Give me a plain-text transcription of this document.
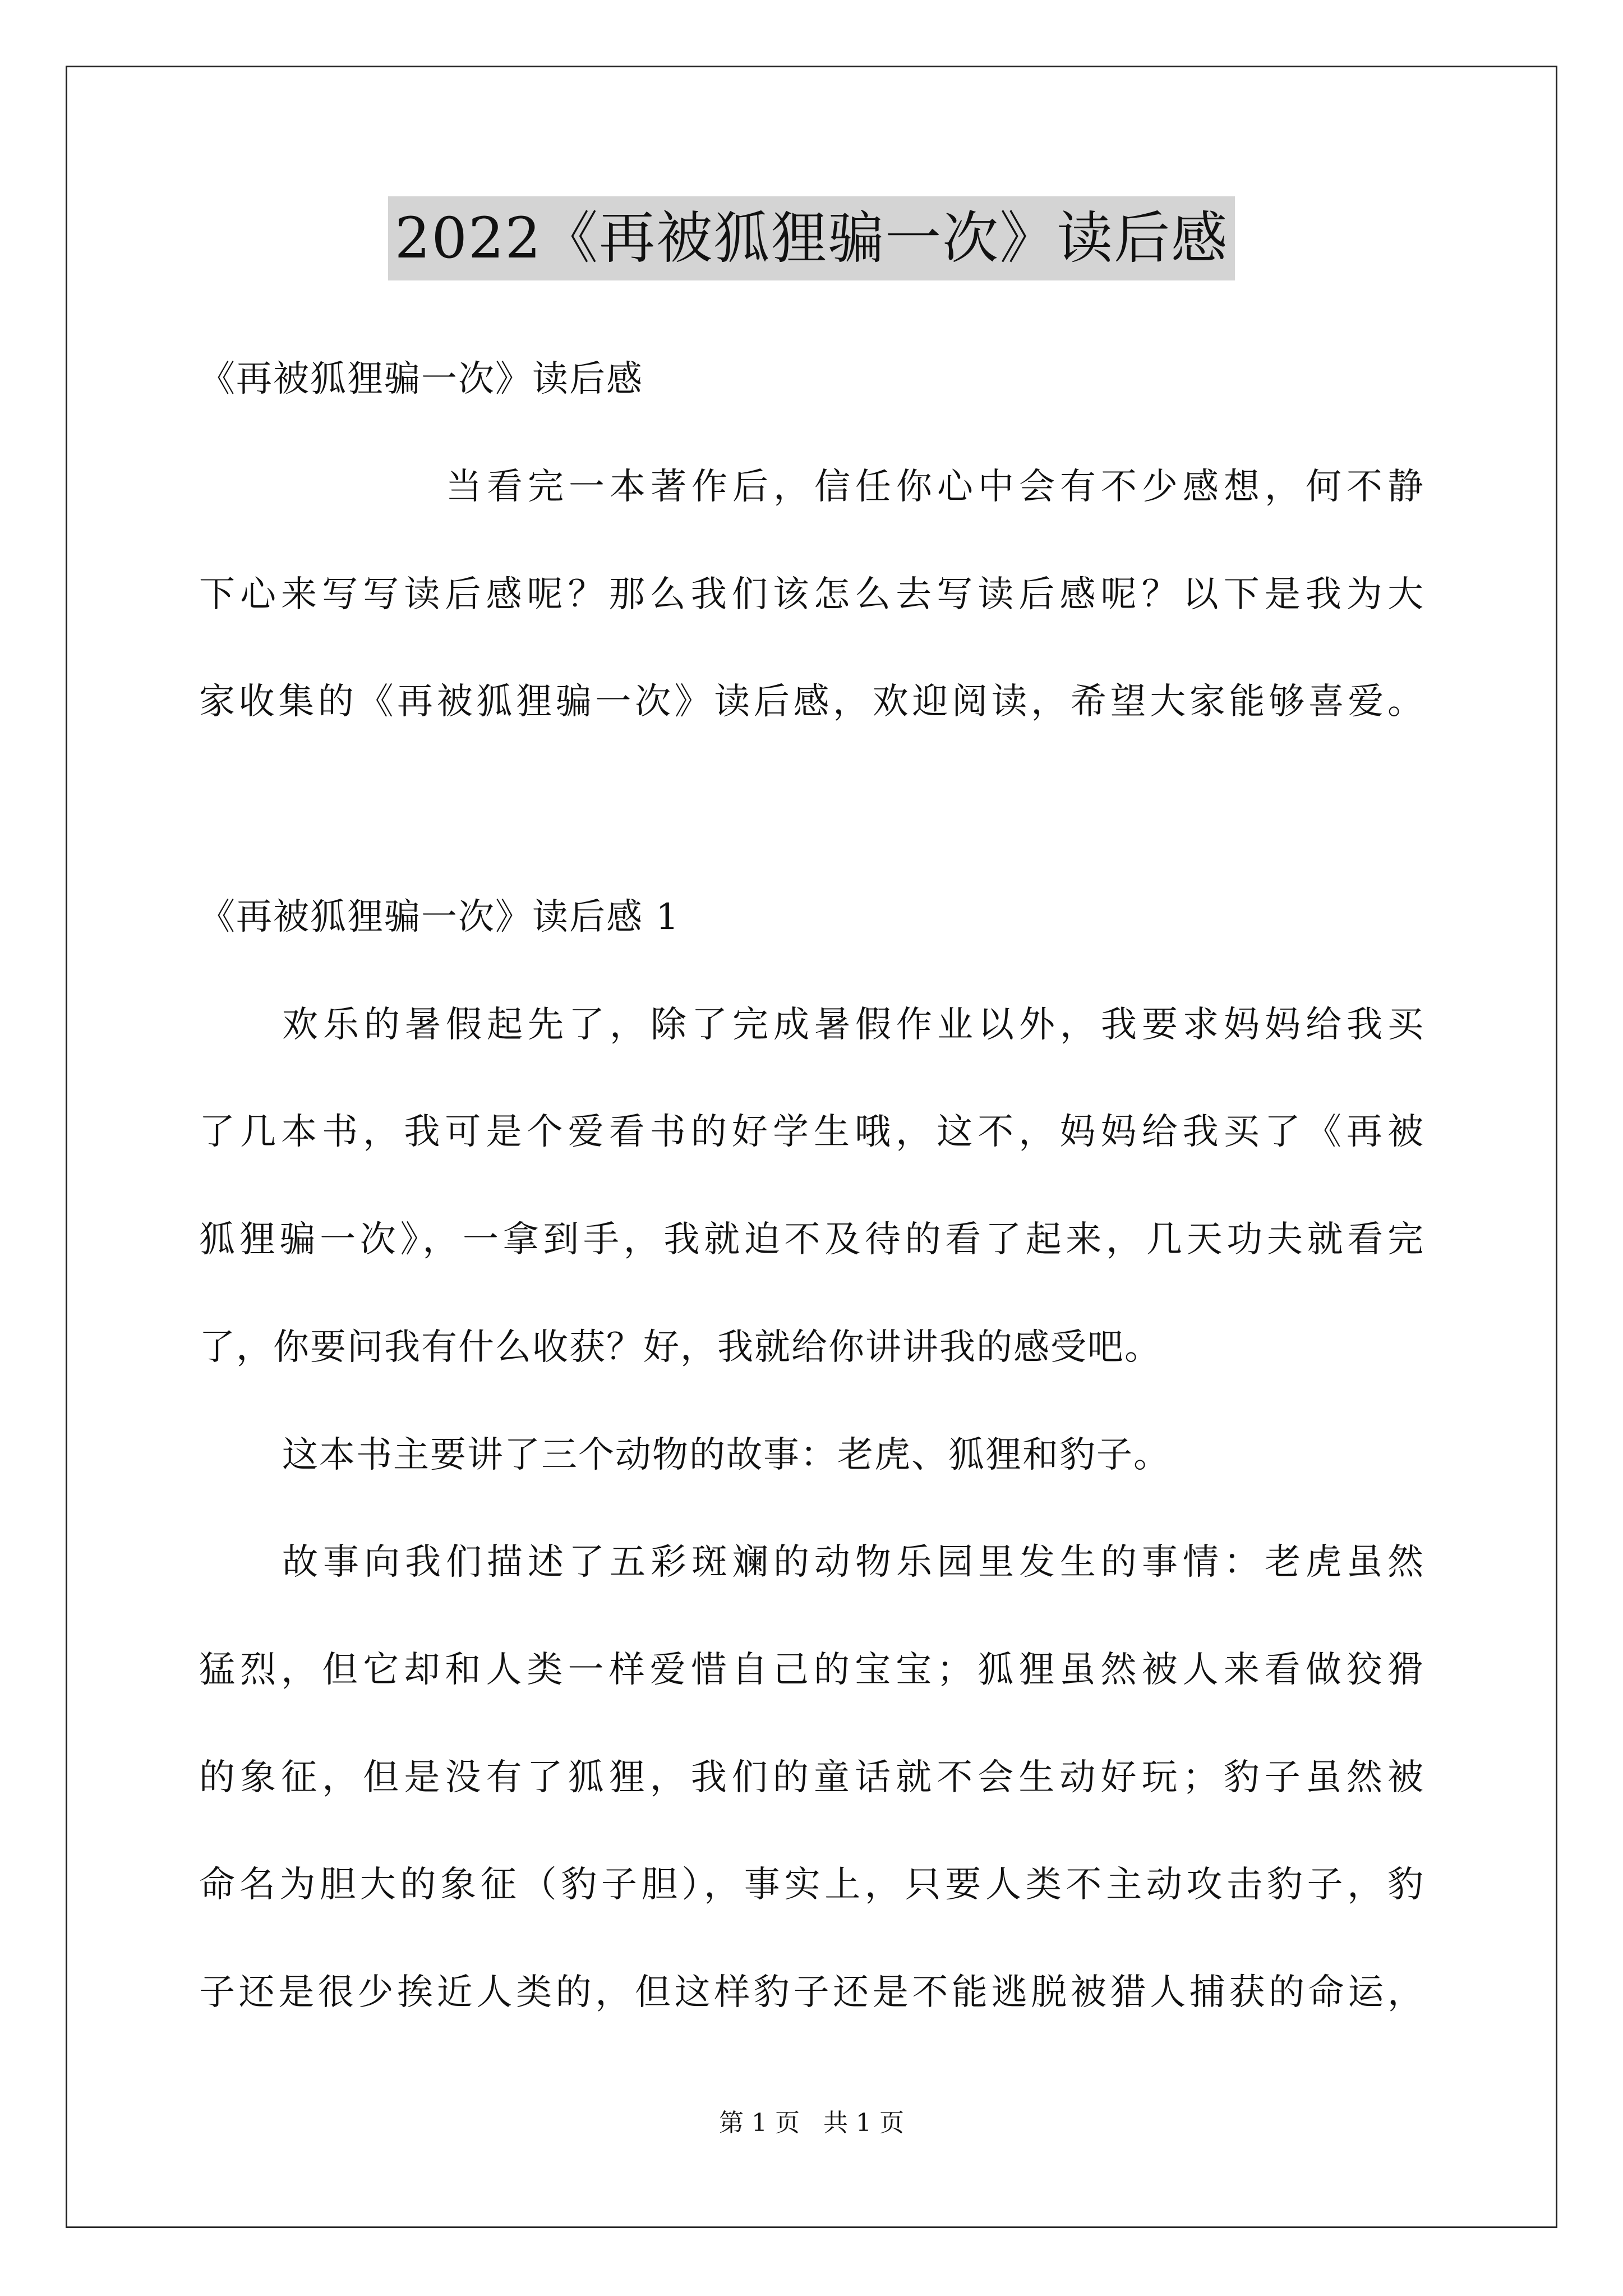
2022《再被狐狸骗一次》读后感
《再被狐狸骗一次》读后感
当看完一本著作后，信任你心中会有不少感想，何不静
下心来写写读后感呢？那么我们该怎么去写读后感呢？以下是我为大
家收集的《再被狐狸骗一次》读后感，欢迎阅读，希望大家能够喜爱。
《再被狐狸骗一次》读后感 1
欢乐的暑假起先了，除了完成暑假作业以外，我要求妈妈给我买
了几本书，我可是个爱看书的好学生哦，这不，妈妈给我买了《再被
狐狸骗一次》，一拿到手，我就迫不及待的看了起来，几天功夫就看完
了，你要问我有什么收获？好，我就给你讲讲我的感受吧。
这本书主要讲了三个动物的故事：老虎、狐狸和豹子。
故事向我们描述了五彩斑斓的动物乐园里发生的事情：老虎虽然
猛烈，但它却和人类一样爱惜自己的宝宝；狐狸虽然被人来看做狡猾
的象征，但是没有了狐狸，我们的童话就不会生动好玩；豹子虽然被
命名为胆大的象征（豹子胆），事实上，只要人类不主动攻击豹子，豹
子还是很少挨近人类的，但这样豹子还是不能逃脱被猎人捕获的命运，
第 1 页 共 1 页
